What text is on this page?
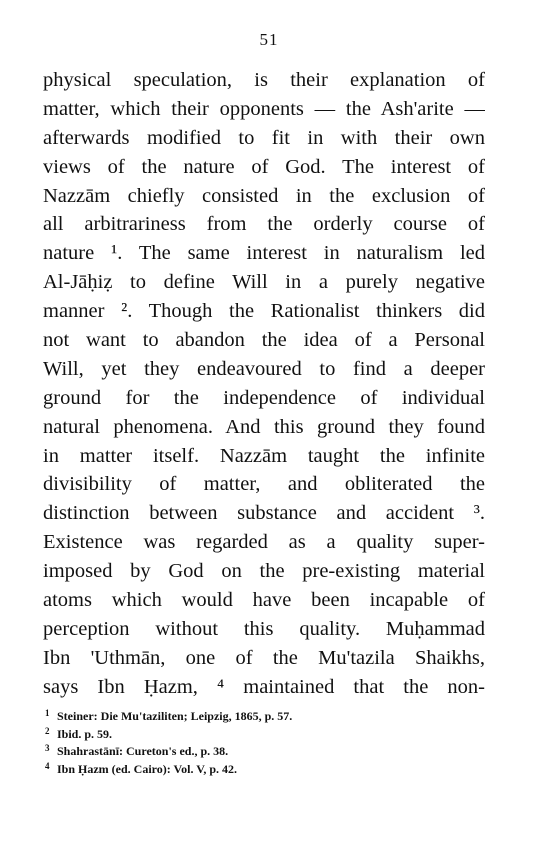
51
physical speculation, is their explanation of
matter, which their opponents — the Ash'arite —
afterwards modified to fit in with their own
views of the nature of God. The interest of
Nazzām chiefly consisted in the exclusion of
all arbitrariness from the orderly course of
nature ¹. The same interest in naturalism led
Al-Jāḥiẓ to define Will in a purely negative
manner ². Though the Rationalist thinkers did
not want to abandon the idea of a Personal
Will, yet they endeavoured to find a deeper
ground for the independence of individual
natural phenomena. And this ground they found
in matter itself. Nazzām taught the infinite
divisibility of matter, and obliterated the
distinction between substance and accident ³.
Existence was regarded as a quality super-
imposed by God on the pre-existing material
atoms which would have been incapable of
perception without this quality. Muḥammad
Ibn 'Uthmān, one of the Mu'tazila Shaikhs,
says Ibn Ḥazm, ⁴ maintained that the non-
1 Steiner: Die Mu'taziliten; Leipzig, 1865, p. 57.
2 Ibid. p. 59.
3 Shahrastānī: Cureton's ed., p. 38.
4 Ibn Ḥazm (ed. Cairo): Vol. V, p. 42.
